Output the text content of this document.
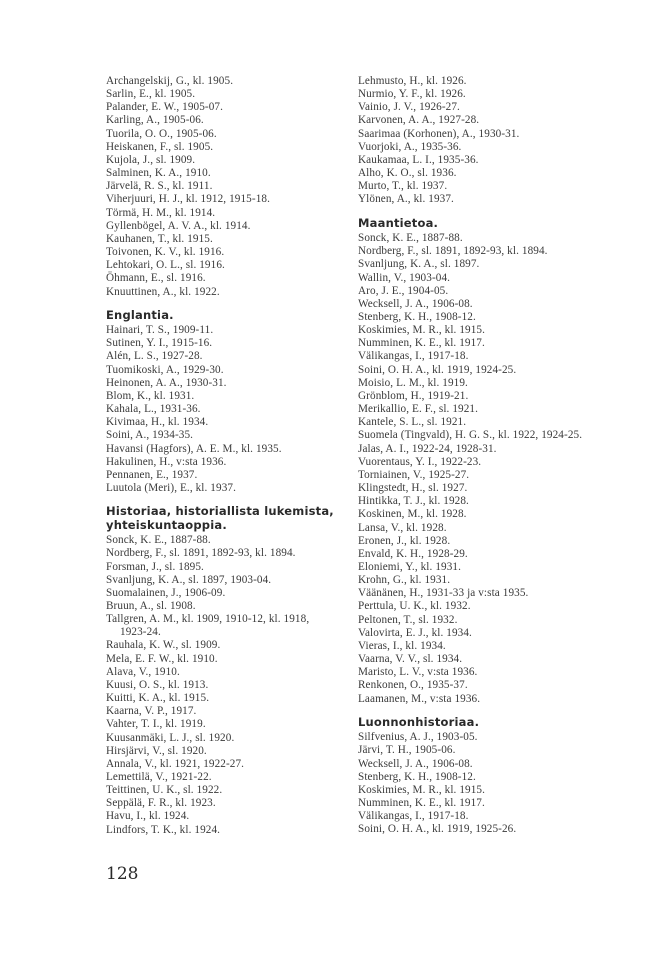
Archangelskij, G., kl. 1905.
Sarlin, E., kl. 1905.
Palander, E. W., 1905-07.
Karling, A., 1905-06.
Tuorila, O. O., 1905-06.
Heiskanen, F., sl. 1905.
Kujola, J., sl. 1909.
Salminen, K. A., 1910.
Järvelä, R. S., kl. 1911.
Viherjuuri, H. J., kl. 1912, 1915-18.
Törmä, H. M., kl. 1914.
Gyllenbögel, A. V. A., kl. 1914.
Kauhanen, T., kl. 1915.
Toivonen, K. V., kl. 1916.
Lehtokari, O. L., sl. 1916.
Öhmann, E., sl. 1916.
Knuuttinen, A., kl. 1922.
Englantia.
Hainari, T. S., 1909-11.
Sutinen, Y. I., 1915-16.
Alén, L. S., 1927-28.
Tuomikoski, A., 1929-30.
Heinonen, A. A., 1930-31.
Blom, K., kl. 1931.
Kahala, L., 1931-36.
Kivimaa, H., kl. 1934.
Soini, A., 1934-35.
Havansi (Hagfors), A. E. M., kl. 1935.
Hakulinen, H., v:sta 1936.
Pennanen, E., 1937.
Luutola (Meri), E., kl. 1937.
Historiaa, historiallista lukemista, yhteiskuntaoppia.
Sonck, K. E., 1887-88.
Nordberg, F., sl. 1891, 1892-93, kl. 1894.
Forsman, J., sl. 1895.
Svanljung, K. A., sl. 1897, 1903-04.
Suomalainen, J., 1906-09.
Bruun, A., sl. 1908.
Tallgren, A. M., kl. 1909, 1910-12, kl. 1918,
1923-24.
Rauhala, K. W., sl. 1909.
Mela, E. F. W., kl. 1910.
Alava, V., 1910.
Kuusi, O. S., kl. 1913.
Kuitti, K. A., kl. 1915.
Kaarna, V. P., 1917.
Vahter, T. I., kl. 1919.
Kuusanmäki, L. J., sl. 1920.
Hirsjärvi, V., sl. 1920.
Annala, V., kl. 1921, 1922-27.
Lemettilä, V., 1921-22.
Teittinen, U. K., sl. 1922.
Seppälä, F. R., kl. 1923.
Havu, I., kl. 1924.
Lindfors, T. K., kl. 1924.
Lehmusto, H., kl. 1926.
Nurmio, Y. F., kl. 1926.
Vainio, J. V., 1926-27.
Karvonen, A. A., 1927-28.
Saarimaa (Korhonen), A., 1930-31.
Vuorjoki, A., 1935-36.
Kaukamaa, L. I., 1935-36.
Alho, K. O., sl. 1936.
Murto, T., kl. 1937.
Ylönen, A., kl. 1937.
Maantietoa.
Sonck, K. E., 1887-88.
Nordberg, F., sl. 1891, 1892-93, kl. 1894.
Svanljung, K. A., sl. 1897.
Wallin, V., 1903-04.
Aro, J. E., 1904-05.
Wecksell, J. A., 1906-08.
Stenberg, K. H., 1908-12.
Koskimies, M. R., kl. 1915.
Numminen, K. E., kl. 1917.
Välikangas, I., 1917-18.
Soini, O. H. A., kl. 1919, 1924-25.
Moisio, L. M., kl. 1919.
Grönblom, H., 1919-21.
Merikallio, E. F., sl. 1921.
Kantele, S. L., sl. 1921.
Suomela (Tingvald), H. G. S., kl. 1922, 1924-25.
Jalas, A. I., 1922-24, 1928-31.
Vuorentaus, Y. I., 1922-23.
Torniainen, V., 1925-27.
Klingstedt, H., sl. 1927.
Hintikka, T. J., kl. 1928.
Koskinen, M., kl. 1928.
Lansa, V., kl. 1928.
Eronen, J., kl. 1928.
Envald, K. H., 1928-29.
Eloniemi, Y., kl. 1931.
Krohn, G., kl. 1931.
Väänänen, H., 1931-33 ja v:sta 1935.
Perttula, U. K., kl. 1932.
Peltonen, T., sl. 1932.
Valovirta, E. J., kl. 1934.
Vieras, I., kl. 1934.
Vaarna, V. V., sl. 1934.
Maristo, L. V., v:sta 1936.
Renkonen, O., 1935-37.
Laamanen, M., v:sta 1936.
Luonnonhistoriaa.
Silfvenius, A. J., 1903-05.
Järvi, T. H., 1905-06.
Wecksell, J. A., 1906-08.
Stenberg, K. H., 1908-12.
Koskimies, M. R., kl. 1915.
Numminen, K. E., kl. 1917.
Välikangas, I., 1917-18.
Soini, O. H. A., kl. 1919, 1925-26.
128
